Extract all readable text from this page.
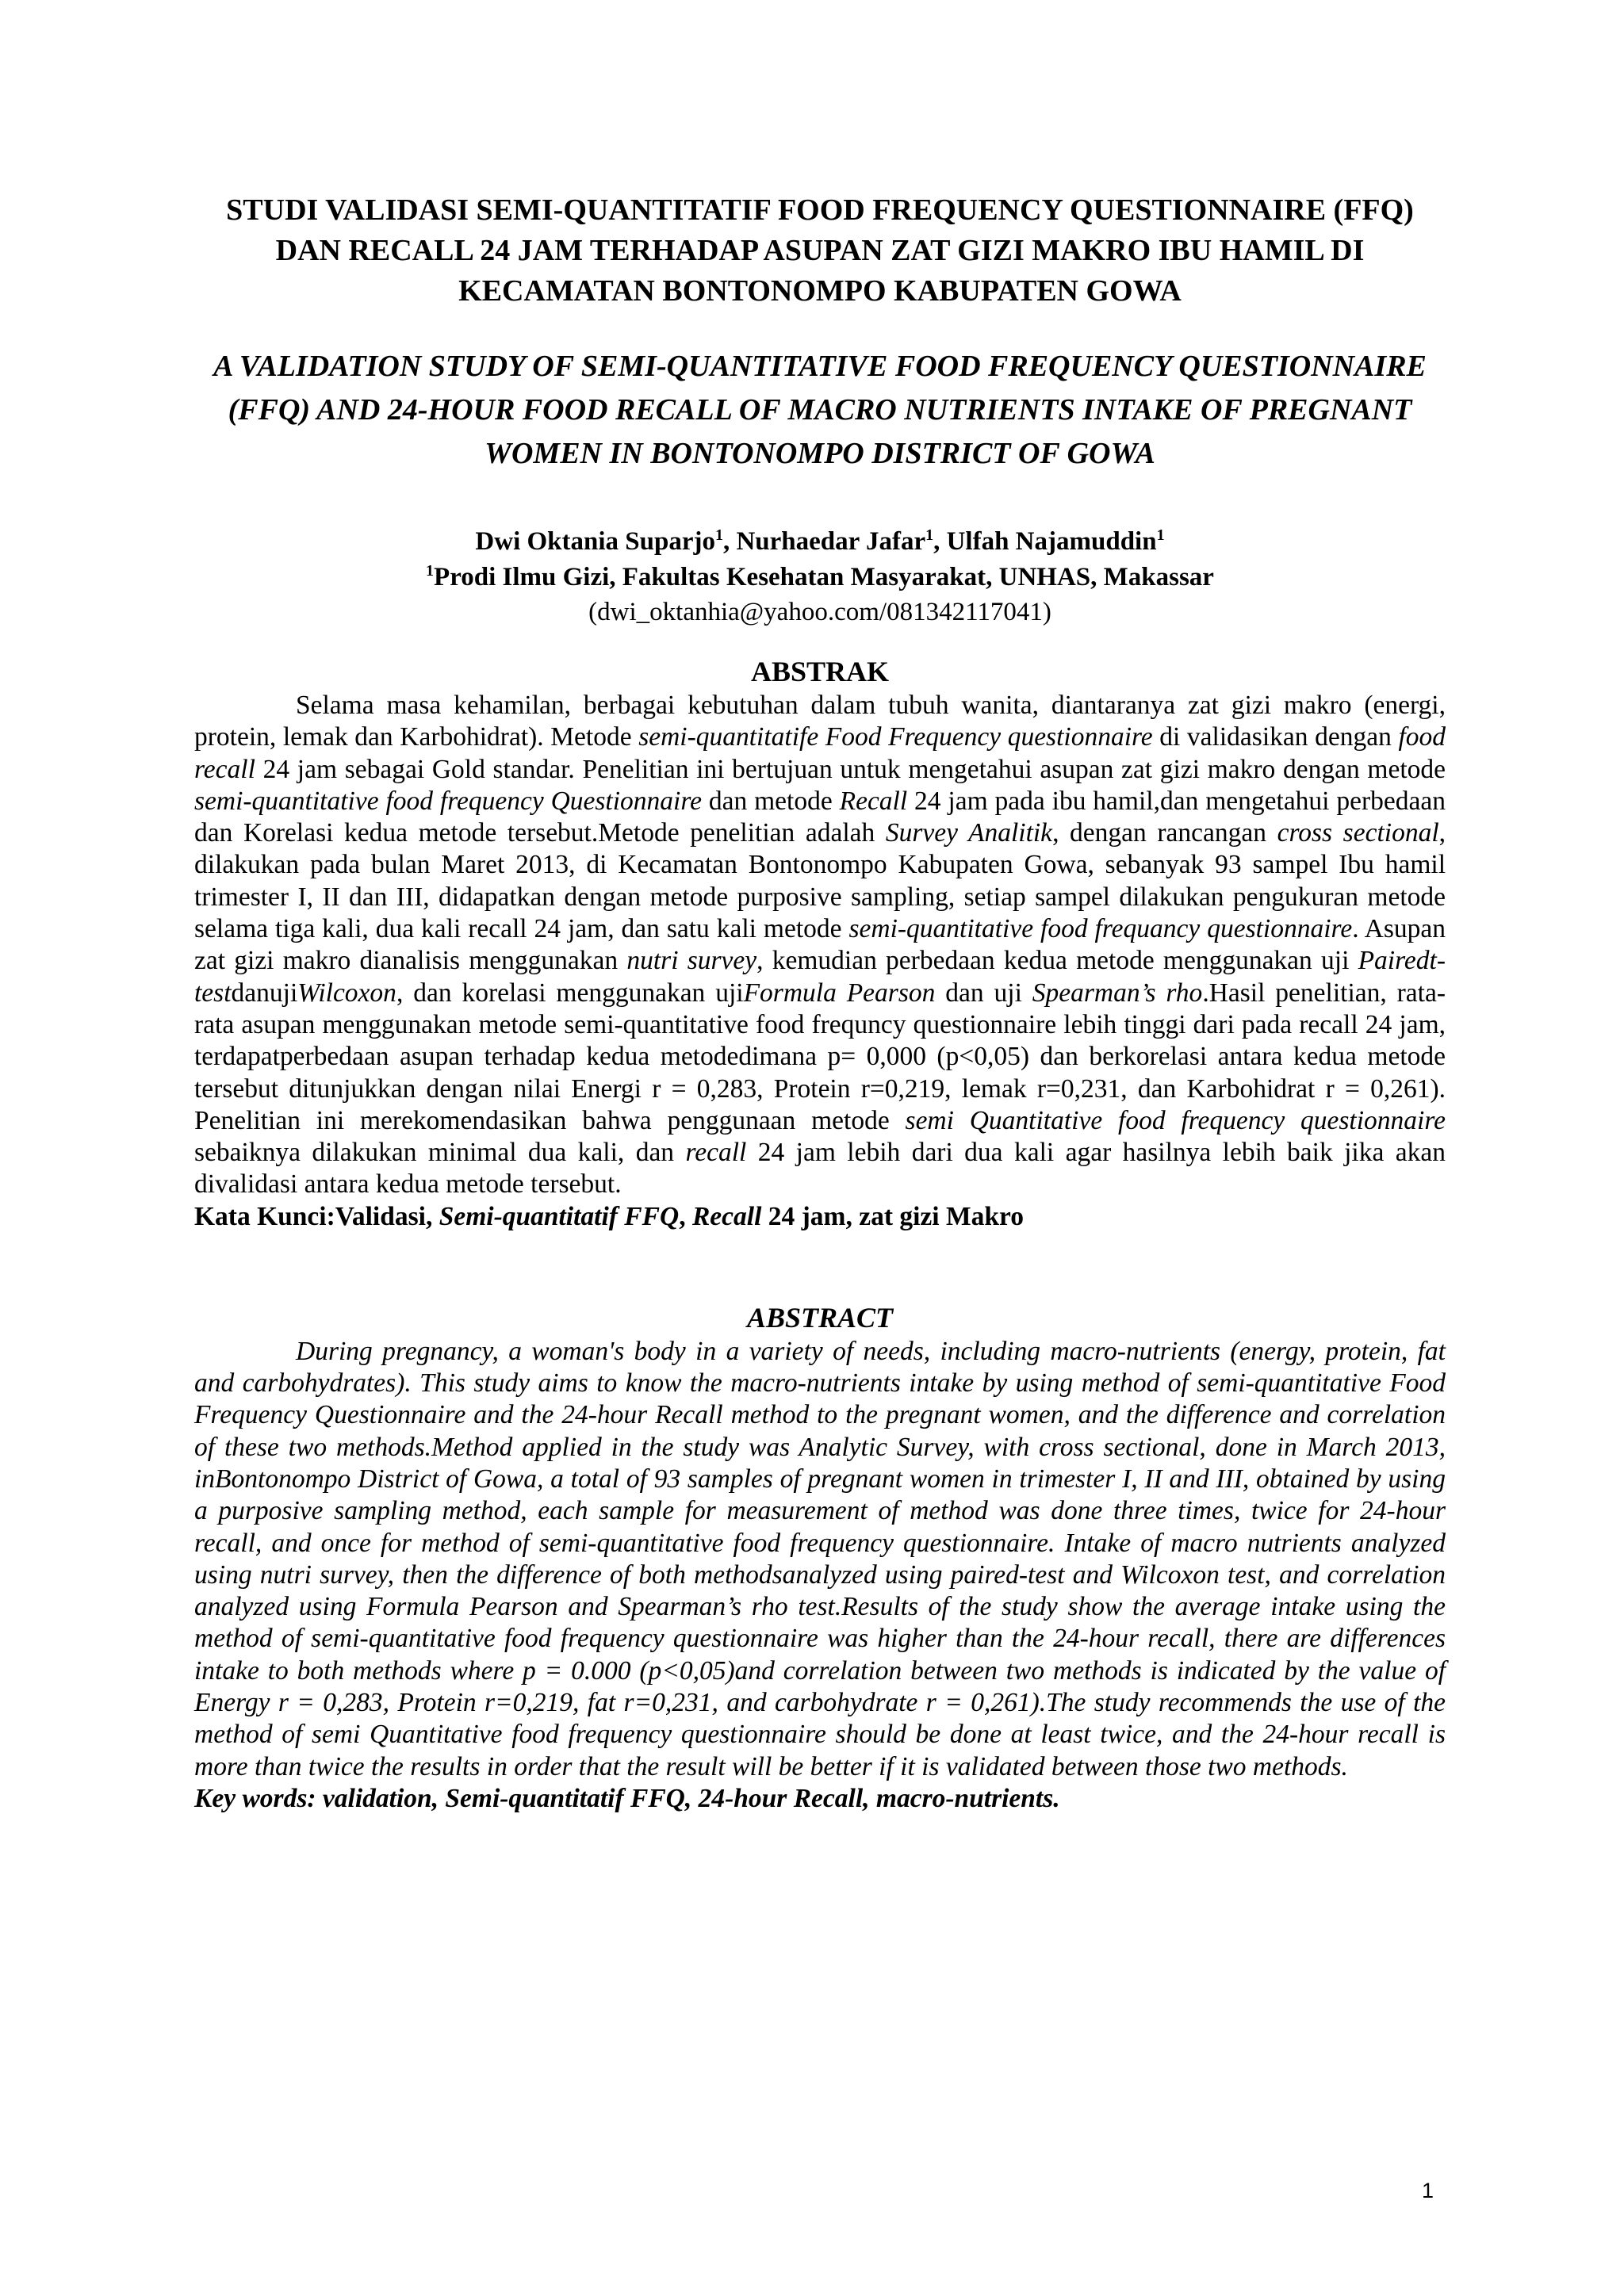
STUDI VALIDASI SEMI-QUANTITATIF FOOD FREQUENCY QUESTIONNAIRE (FFQ) DAN RECALL 24 JAM TERHADAP ASUPAN ZAT GIZI MAKRO IBU HAMIL DI KECAMATAN BONTONOMPO KABUPATEN GOWA
A VALIDATION STUDY OF SEMI-QUANTITATIVE FOOD FREQUENCY QUESTIONNAIRE (FFQ) AND 24-HOUR FOOD RECALL OF MACRO NUTRIENTS INTAKE OF PREGNANT WOMEN IN BONTONOMPO DISTRICT OF GOWA

Dwi Oktania Suparjo$^1$, Nurhaedar Jafar$^1$, Ulfah Najamuddin$^1$

$^1$Prodi Ilmu Gizi, Fakultas Kesehatan Masyarakat, UNHAS, Makassar

(dwi_oktanhia@yahoo.com/081342117041)

ABSTRAK

Selama masa kehamilan, berbagai kebutuhan dalam tubuh wanita, diantaranya zat gizi makro (energi, protein, lemak dan Karbohidrat). Metode semi-quantitatife Food Frequency questionnaire di validasikan dengan food recall 24 jam sebagai Gold standar. Penelitian ini bertujuan untuk mengetahui asupan zat gizi makro dengan metode semi-quantitative food frequency Questionnaire dan metode Recall 24 jam pada ibu hamil,dan mengetahui perbedaan dan Korelasi kedua metode tersebut.Metode penelitian adalah Survey Analitik, dengan rancangan cross sectional, dilakukan pada bulan Maret 2013, di Kecamatan Bontonompo Kabupaten Gowa, sebanyak 93 sampel Ibu hamil trimester I, II dan III, didapatkan dengan metode purposive sampling, setiap sampel dilakukan pengukuran metode selama tiga kali, dua kali recall 24 jam, dan satu kali metode semi-quantitative food frequancy questionnaire. Asupan zat gizi makro dianalisis menggunakan nutri survey, kemudian perbedaan kedua metode menggunakan uji Pairedt-testdanujiWilcoxon, dan korelasi menggunakan ujiFormula Pearson dan uji Spearman’s rho.Hasil penelitian, rata-rata asupan menggunakan metode semi-quantitative food frequncy questionnaire lebih tinggi dari pada recall 24 jam, terdapatperbedaan asupan terhadap kedua metodedimana p= 0,000 (p<0,05) dan berkorelasi antara kedua metode tersebut ditunjukkan dengan nilai Energi r = 0,283, Protein r=0,219, lemak r=0,231, dan Karbohidrat r = 0,261). Penelitian ini merekomendasikan bahwa penggunaan metode semi Quantitative food frequency questionnaire sebaiknya dilakukan minimal dua kali, dan recall 24 jam lebih dari dua kali agar hasilnya lebih baik jika akan divalidasi antara kedua metode tersebut.

Kata Kunci:Validasi, Semi-quantitatif FFQ, Recall 24 jam, zat gizi Makro

ABSTRACT

During pregnancy, a woman's body in a variety of needs, including macro-nutrients (energy, protein, fat and carbohydrates). This study aims to know the macro-nutrients intake by using method of semi-quantitative Food Frequency Questionnaire and the 24-hour Recall method to the pregnant women, and the difference and correlation of these two methods.Method applied in the study was Analytic Survey, with cross sectional, done in March 2013, inBontonompo District of Gowa, a total of 93 samples of pregnant women in trimester I, II and III, obtained by using a purposive sampling method, each sample for measurement of method was done three times, twice for 24-hour recall, and once for method of semi-quantitative food frequency questionnaire. Intake of macro nutrients analyzed using nutri survey, then the difference of both methodsanalyzed using paired-test and Wilcoxon test, and correlation analyzed using Formula Pearson and Spearman’s rho test.Results of the study show the average intake using the method of semi-quantitative food frequency questionnaire was higher than the 24-hour recall, there are differences intake to both methods where p = 0.000 (p<0,05)and correlation between two methods is indicated by the value of Energy r = 0,283, Protein r=0,219, fat r=0,231, and carbohydrate r = 0,261).The study recommends the use of the method of semi Quantitative food frequency questionnaire should be done at least twice, and the 24-hour recall is more than twice the results in order that the result will be better if it is validated between those two methods.

Key words: validation, Semi-quantitatif FFQ, 24-hour Recall, macro-nutrients.

1
